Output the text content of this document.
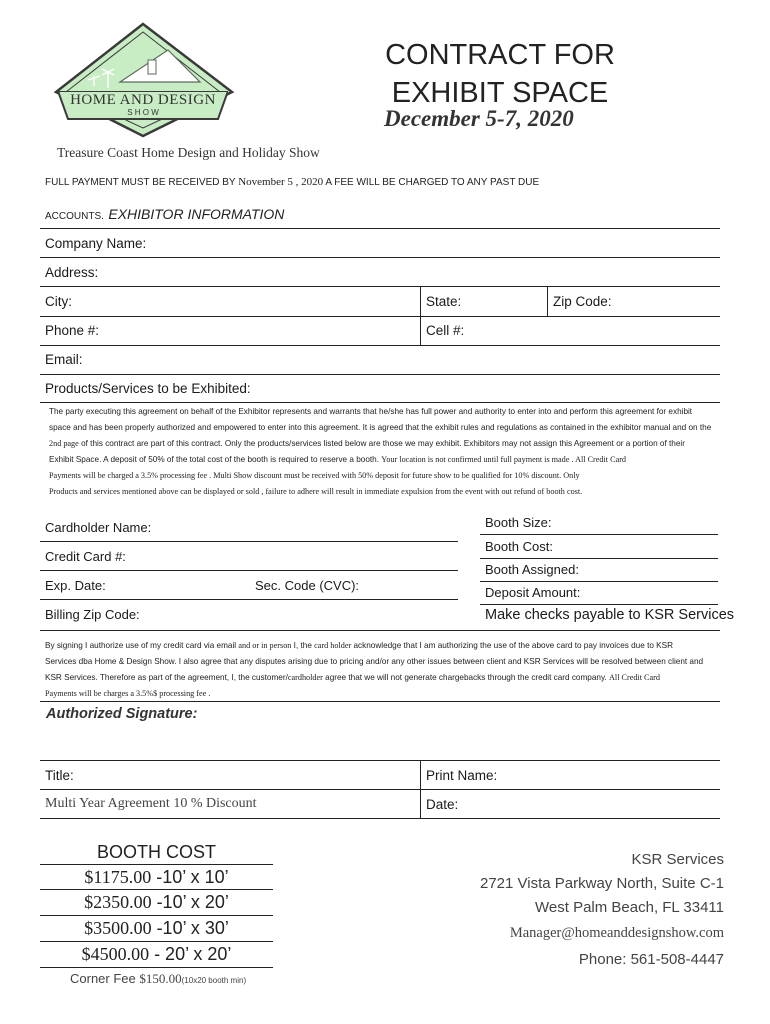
HOME AND DESIGN
S H O W
CONTRACT FOR
EXHIBIT SPACE
December 5-7, 2020
Treasure Coast Home Design and Holiday Show
FULL PAYMENT MUST BE RECEIVED BY November 5 , 2020 A FEE WILL BE CHARGED TO ANY PAST DUE
ACCOUNTS. EXHIBITOR INFORMATION
Company Name:
Address:
City:	State:	Zip Code:
Phone #:	Cell #:
Email:
Products/Services to be Exhibited:
The party executing this agreement on behalf of the Exhibitor represents and warrants that he/she has full power and authority to enter into and perform this agreement for exhibit
space and has been properly authorized and empowered to enter into this agreement. It is agreed that the exhibit rules and regulations as contained in the exhibitor manual and on the
2nd page of this contract are part of this contract. Only the products/services listed below are those we may exhibit. Exhibitors may not assign this Agreement or a portion of their
Exhibit Space. A deposit of 50% of the total cost of the booth is required to reserve a booth. Your location is not confirmed until full payment is made . All Credit Card
Payments will be charged a 3.5% processing fee . Multi Show discount must be received with 50% deposit for future show to be qualified for 10% discount. Only
Products and services mentioned above can be displayed or sold , failure to adhere will result in immediate expulsion from the event with out refund of booth cost.
Cardholder Name:
Credit Card #:
Exp. Date:	Sec. Code (CVC):
Billing Zip Code:
Booth Size:
Booth Cost:
Booth Assigned:
Deposit Amount:
Make checks payable to KSR Services
By signing I authorize use of my credit card via email and or in person I, the card holder acknowledge that I am authorizing the use of the above card to pay invoices due to KSR
Services dba Home & Design Show. I also agree that any disputes arising due to pricing and/or any other issues between client and KSR Services will be resolved between client and
KSR Services. Therefore as part of the agreement, I, the customer/cardholder agree that we will not generate chargebacks through the credit card company. All Credit Card
Payments will be charges a 3.5%$ processing fee .
Authorized Signature:
Title:	Print Name:
Multi Year Agreement 10 % Discount	Date:
BOOTH COST
$1175.00 -10’ x 10’
$2350.00 -10’ x 20’
$3500.00 -10’ x 30’
$4500.00 - 20’ x 20’
Corner Fee $150.00(10x20 booth min)
KSR Services
2721 Vista Parkway North, Suite C-1
West Palm Beach, FL 33411
Manager@homeanddesignshow.com
Phone: 561-508-4447
